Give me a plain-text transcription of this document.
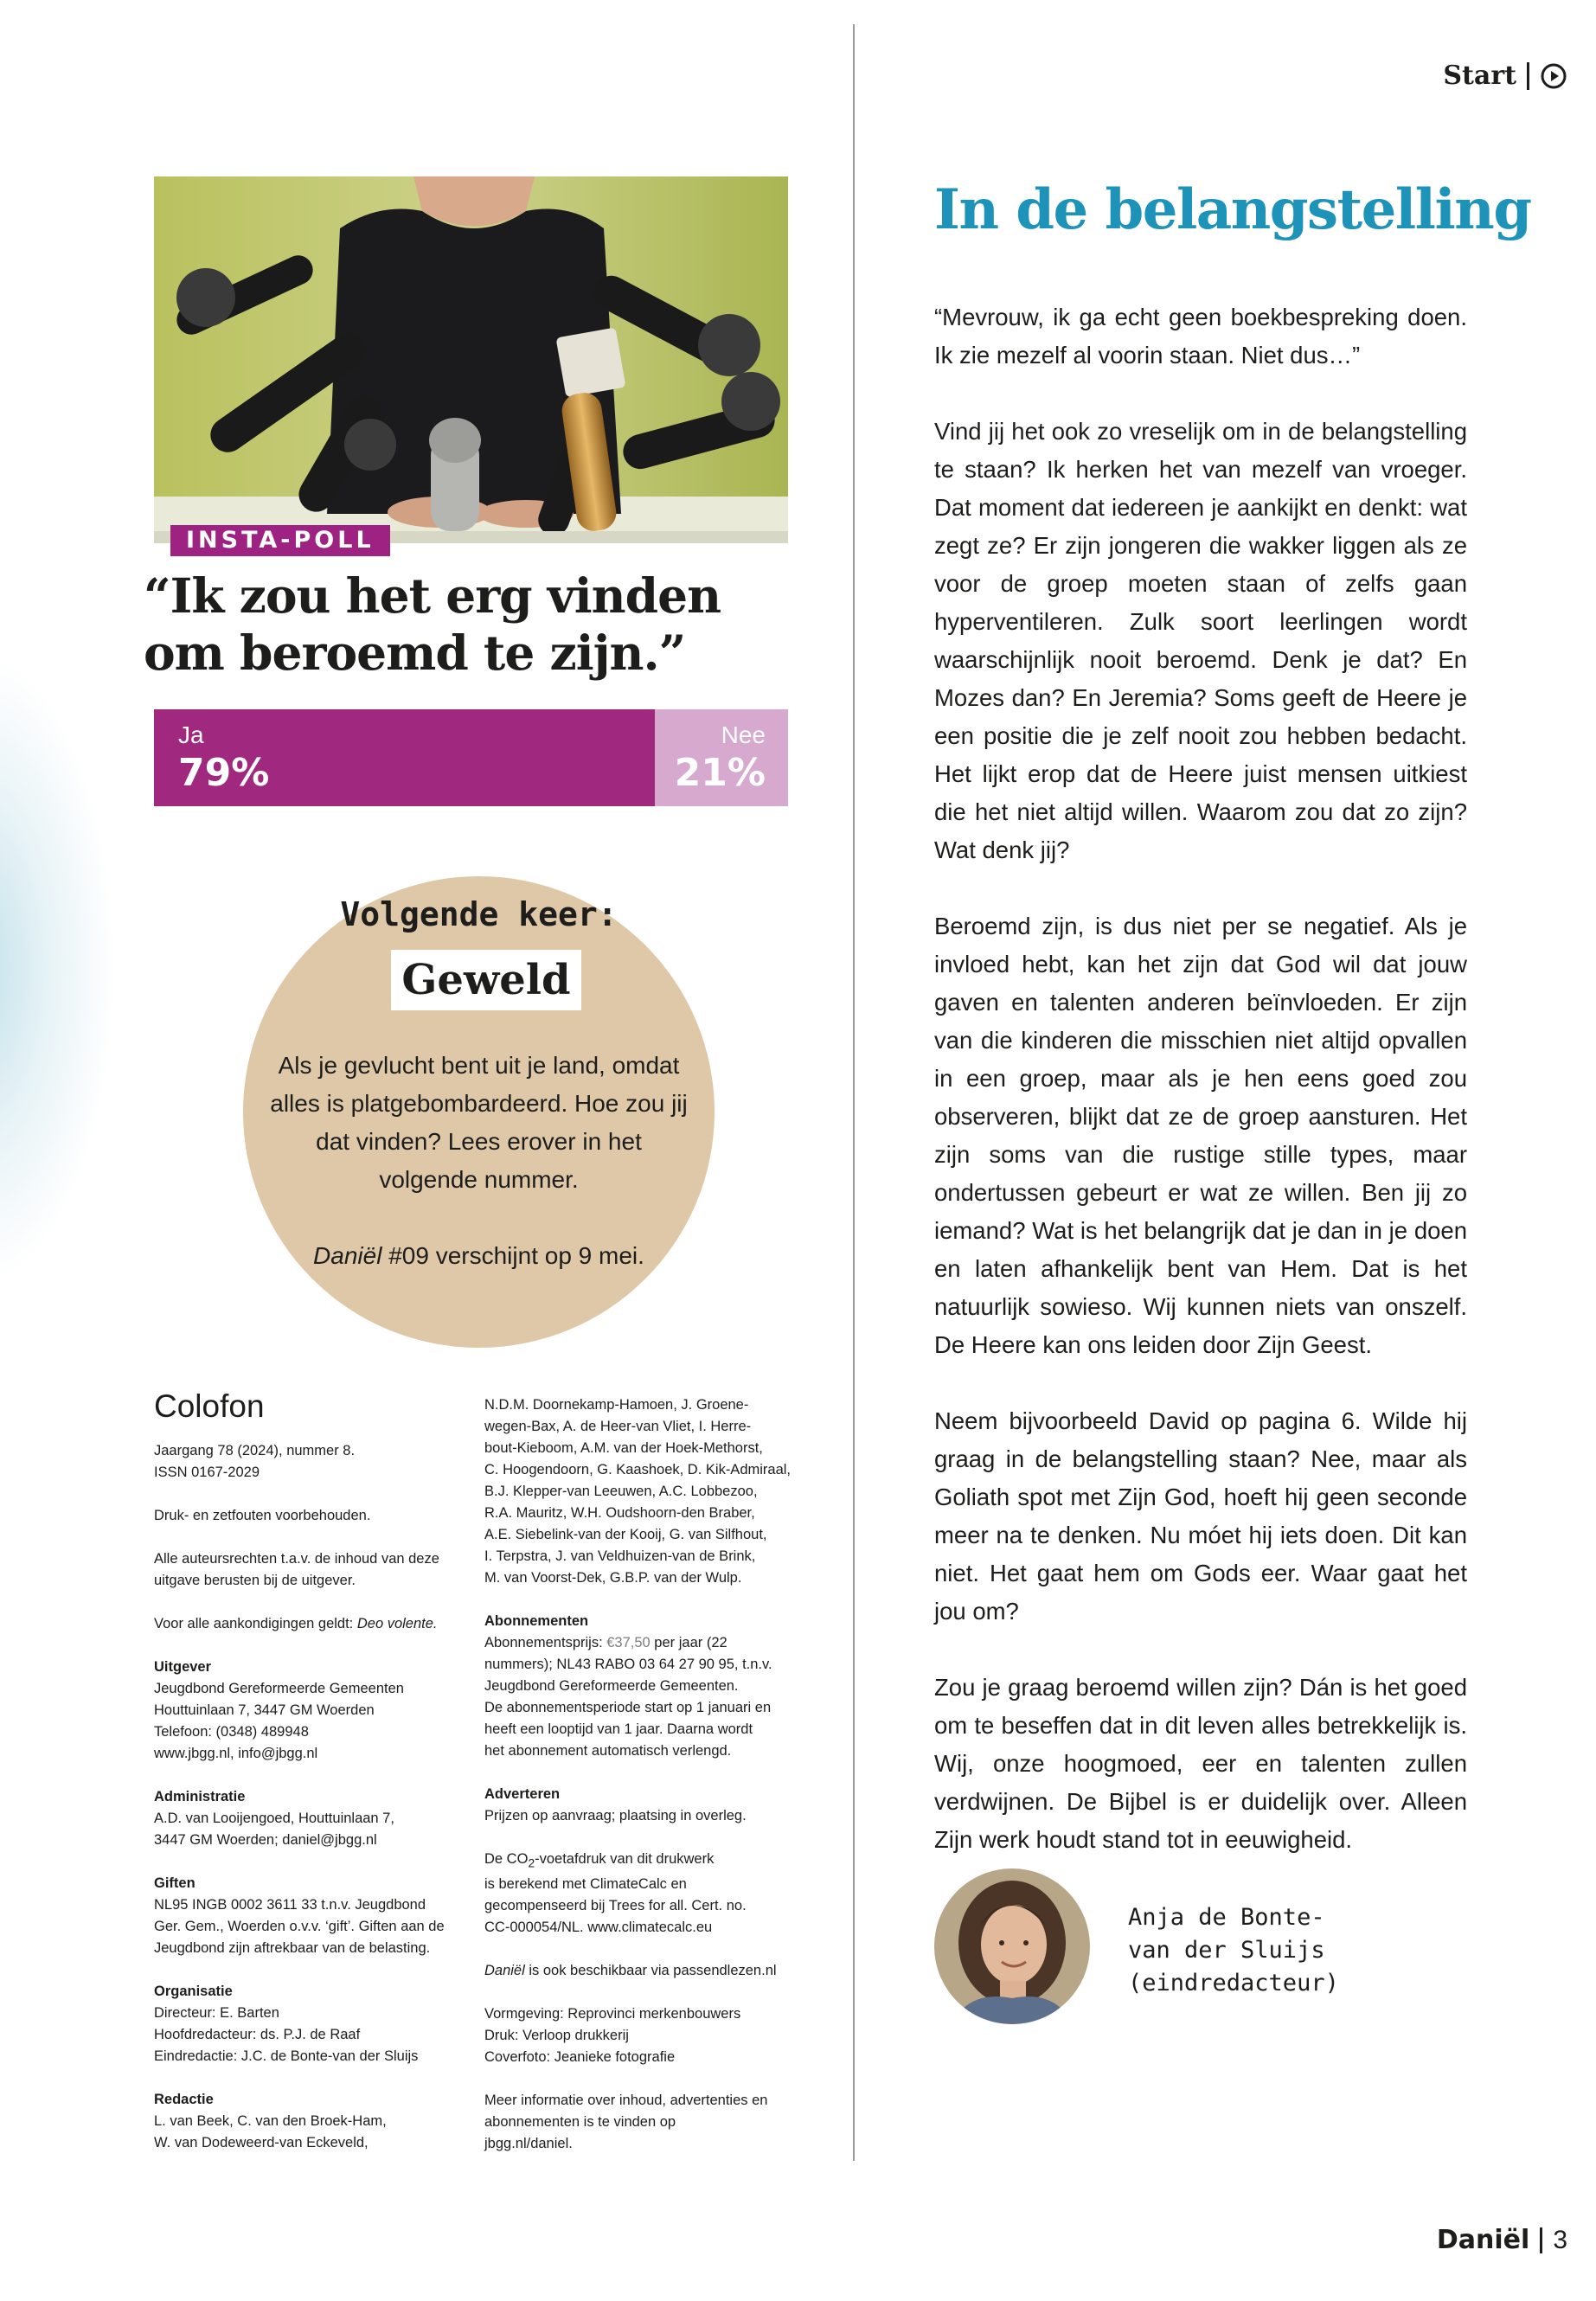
Start
INSTA-POLL
“Ik zou het erg vinden om beroemd te zijn.”
Ja
79%
Nee
21%
Volgende keer:
Geweld
Als je gevlucht bent uit je land, omdat alles is platgebombardeerd. Hoe zou jij dat vinden? Lees erover in het volgende nummer.
Daniël #09 verschijnt op 9 mei.
In de belangstelling

“Mevrouw, ik ga echt geen boekbespreking doen. Ik zie mezelf al voorin staan. Niet dus…”

Vind jij het ook zo vreselijk om in de belangstelling te staan? Ik herken het van mezelf van vroeger. Dat moment dat iedereen je aankijkt en denkt: wat zegt ze? Er zijn jongeren die wakker liggen als ze voor de groep moeten staan of zelfs gaan hyperventileren. Zulk soort leerlingen wordt waarschijnlijk nooit beroemd. Denk je dat? En Mozes dan? En Jeremia? Soms geeft de Heere je een positie die je zelf nooit zou hebben bedacht. Het lijkt erop dat de Heere juist mensen uitkiest die het niet altijd willen. Waarom zou dat zo zijn? Wat denk jij?

Beroemd zijn, is dus niet per se negatief. Als je invloed hebt, kan het zijn dat God wil dat jouw gaven en talenten anderen beïnvloeden. Er zijn van die kinderen die misschien niet altijd opvallen in een groep, maar als je hen eens goed zou observeren, blijkt dat ze de groep aansturen. Het zijn soms van die rustige stille types, maar ondertussen gebeurt er wat ze willen. Ben jij zo iemand? Wat is het belangrijk dat je dan in je doen en laten afhankelijk bent van Hem. Dat is het natuurlijk sowieso. Wij kunnen niets van onszelf. De Heere kan ons leiden door Zijn Geest.

Neem bijvoorbeeld David op pagina 6. Wilde hij graag in de belangstelling staan? Nee, maar als Goliath spot met Zijn God, hoeft hij geen seconde meer na te denken. Nu móet hij iets doen. Dit kan niet. Het gaat hem om Gods eer. Waar gaat het jou om?

Zou je graag beroemd willen zijn? Dán is het goed om te beseffen dat in dit leven alles betrekkelijk is. Wij, onze hoogmoed, eer en talenten zullen verdwijnen. De Bijbel is er duidelijk over. Alleen Zijn werk houdt stand tot in eeuwigheid.

Anja de Bonte-
van der Sluijs
(eindredacteur)
Colofon

Jaargang 78 (2024), nummer 8.
ISSN 0167-2029

Druk- en zetfouten voorbehouden.

Alle auteursrechten t.a.v. de inhoud van deze uitgave berusten bij de uitgever.

Voor alle aankondigingen geldt: Deo volente.

Uitgever
Jeugdbond Gereformeerde Gemeenten
Houttuinlaan 7, 3447 GM Woerden
Telefoon: (0348) 489948
www.jbgg.nl, info@jbgg.nl

Administratie
A.D. van Looijengoed, Houttuinlaan 7,
3447 GM Woerden; daniel@jbgg.nl

Giften
NL95 INGB 0002 3611 33 t.n.v. Jeugdbond
Ger. Gem., Woerden o.v.v. ‘gift’. Giften aan de
Jeugdbond zijn aftrekbaar van de belasting.

Organisatie
Directeur: E. Barten
Hoofdredacteur: ds. P.J. de Raaf
Eindredactie: J.C. de Bonte-van der Sluijs

Redactie
L. van Beek, C. van den Broek-Ham,
W. van Dodeweerd-van Eckeveld,

N.D.M. Doornekamp-Hamoen, J. Groene-
wegen-Bax, A. de Heer-van Vliet, I. Herre-
bout-Kieboom, A.M. van der Hoek-Methorst,
C. Hoogendoorn, G. Kaashoek, D. Kik-Admiraal,
B.J. Klepper-van Leeuwen, A.C. Lobbezoo,
R.A. Mauritz, W.H. Oudshoorn-den Braber,
A.E. Siebelink-van der Kooij, G. van Silfhout,
I. Terpstra, J. van Veldhuizen-van de Brink,
M. van Voorst-Dek, G.B.P. van der Wulp.

Abonnementen
Abonnementsprijs: €37,50 per jaar (22
nummers); NL43 RABO 03 64 27 90 95, t.n.v.
Jeugdbond Gereformeerde Gemeenten.
De abonnementsperiode start op 1 januari en
heeft een looptijd van 1 jaar. Daarna wordt
het abonnement automatisch verlengd.

Adverteren
Prijzen op aanvraag; plaatsing in overleg.

De $CO_2$-voetafdruk van dit drukwerk
is berekend met ClimateCalc en
gecompenseerd bij Trees for all. Cert. no.
CC-000054/NL. www.climatecalc.eu

Daniël is ook beschikbaar via passendlezen.nl

Vormgeving: Reprovinci merkenbouwers
Druk: Verloop drukkerij
Coverfoto: Jeanieke fotografie

Meer informatie over inhoud, advertenties en
abonnementen is te vinden op
jbgg.nl/daniel.

Daniël 3
